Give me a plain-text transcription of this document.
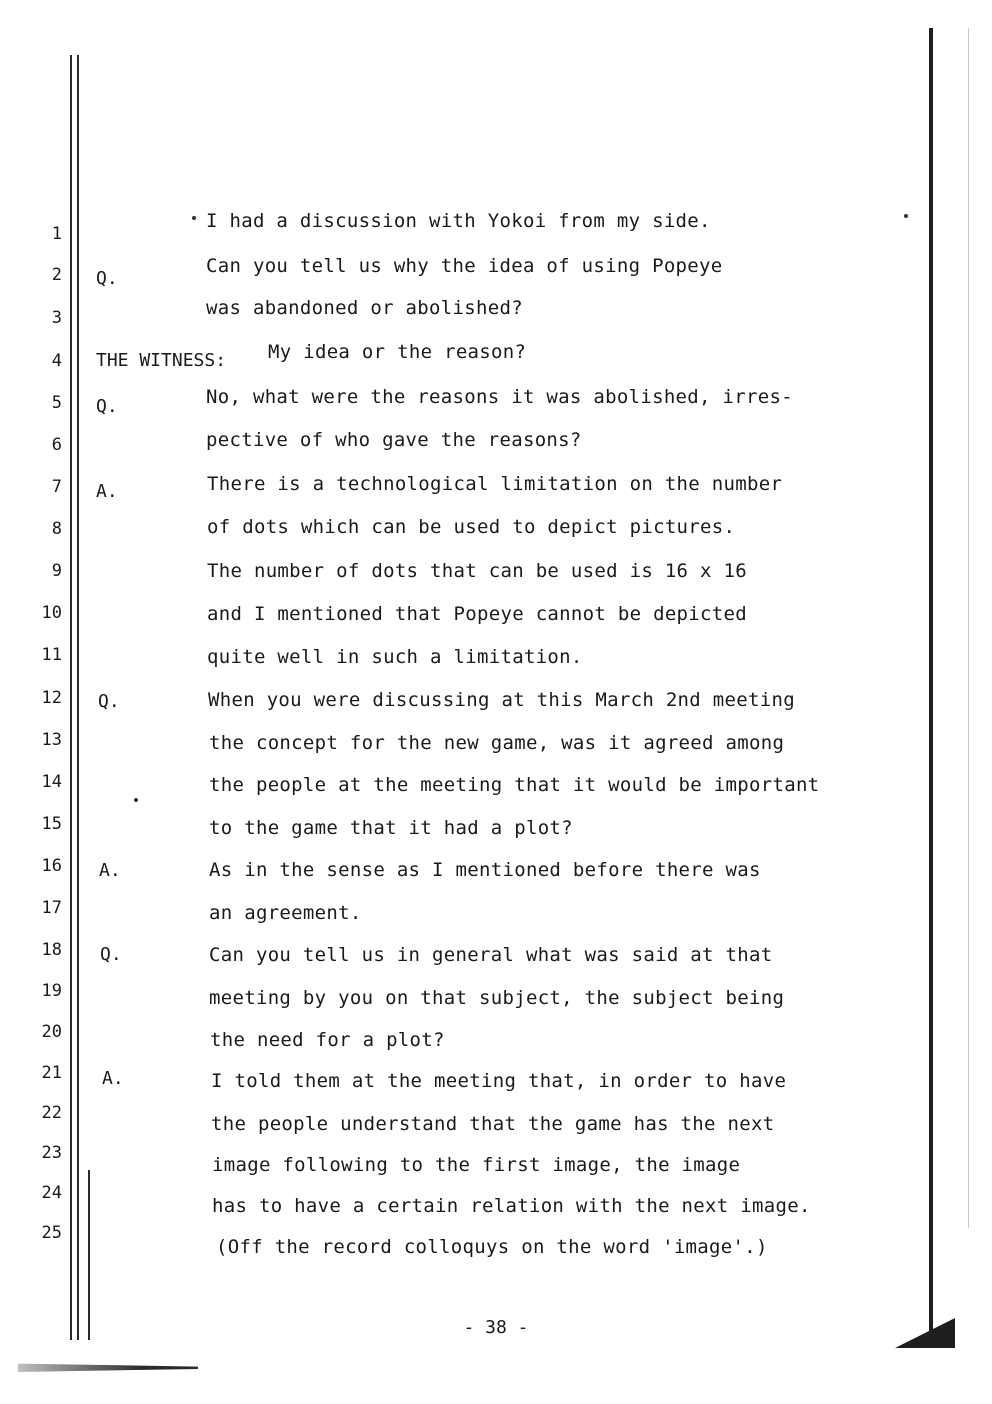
1
2
3
4
5
6
7
8
9
10
11
12
13
14
15
16
17
18
19
20
21
22
23
24
25
Q.
THE WITNESS:
Q.
A.
Q.
A.
Q.
A.
I had a discussion with Yokoi from my side.
Can you tell us why the idea of using Popeye
was abandoned or abolished?
My idea or the reason?
No, what were the reasons it was abolished, irres-
pective of who gave the reasons?
There is a technological limitation on the number
of dots which can be used to depict pictures.
The number of dots that can be used is 16 x 16
and I mentioned that Popeye cannot be depicted
quite well in such a limitation.
When you were discussing at this March 2nd meeting
the concept for the new game, was it agreed among
the people at the meeting that it would be important
to the game that it had a plot?
As in the sense as I mentioned before there was
an agreement.
Can you tell us in general what was said at that
meeting by you on that subject, the subject being
the need for a plot?
I told them at the meeting that, in order to have
the people understand that the game has the next
image following to the first image, the image
has to have a certain relation with the next image.
(Off the record colloquys on the word 'image'.)
- 38 -
